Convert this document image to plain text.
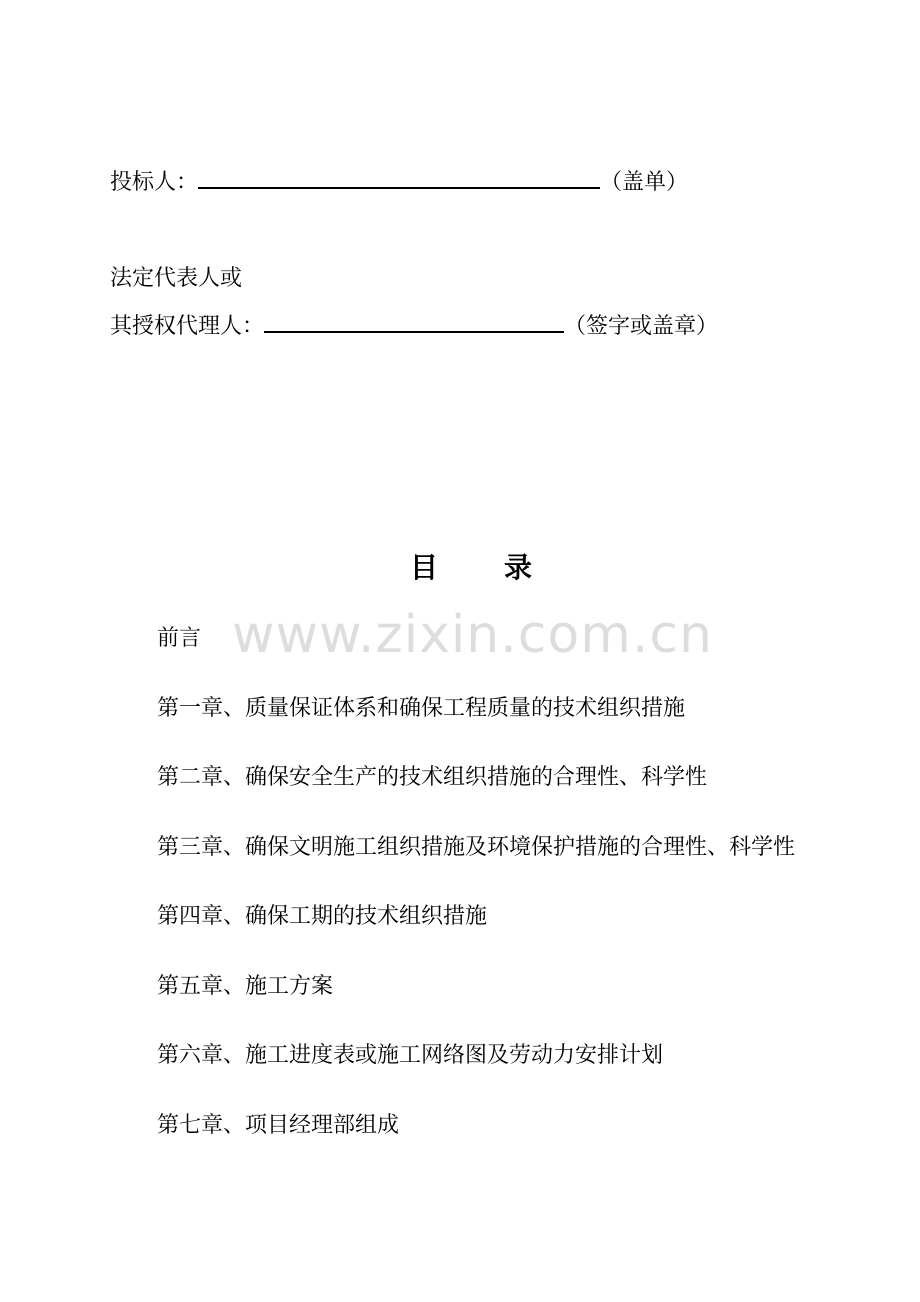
投标人：	（盖单）
法定代表人或
其授权代理人：	（签字或盖章）
目 录
www.zixin.com.cn
前言
第一章、质量保证体系和确保工程质量的技术组织措施
第二章、确保安全生产的技术组织措施的合理性、科学性
第三章、确保文明施工组织措施及环境保护措施的合理性、科学性
第四章、确保工期的技术组织措施
第五章、施工方案
第六章、施工进度表或施工网络图及劳动力安排计划
第七章、项目经理部组成
